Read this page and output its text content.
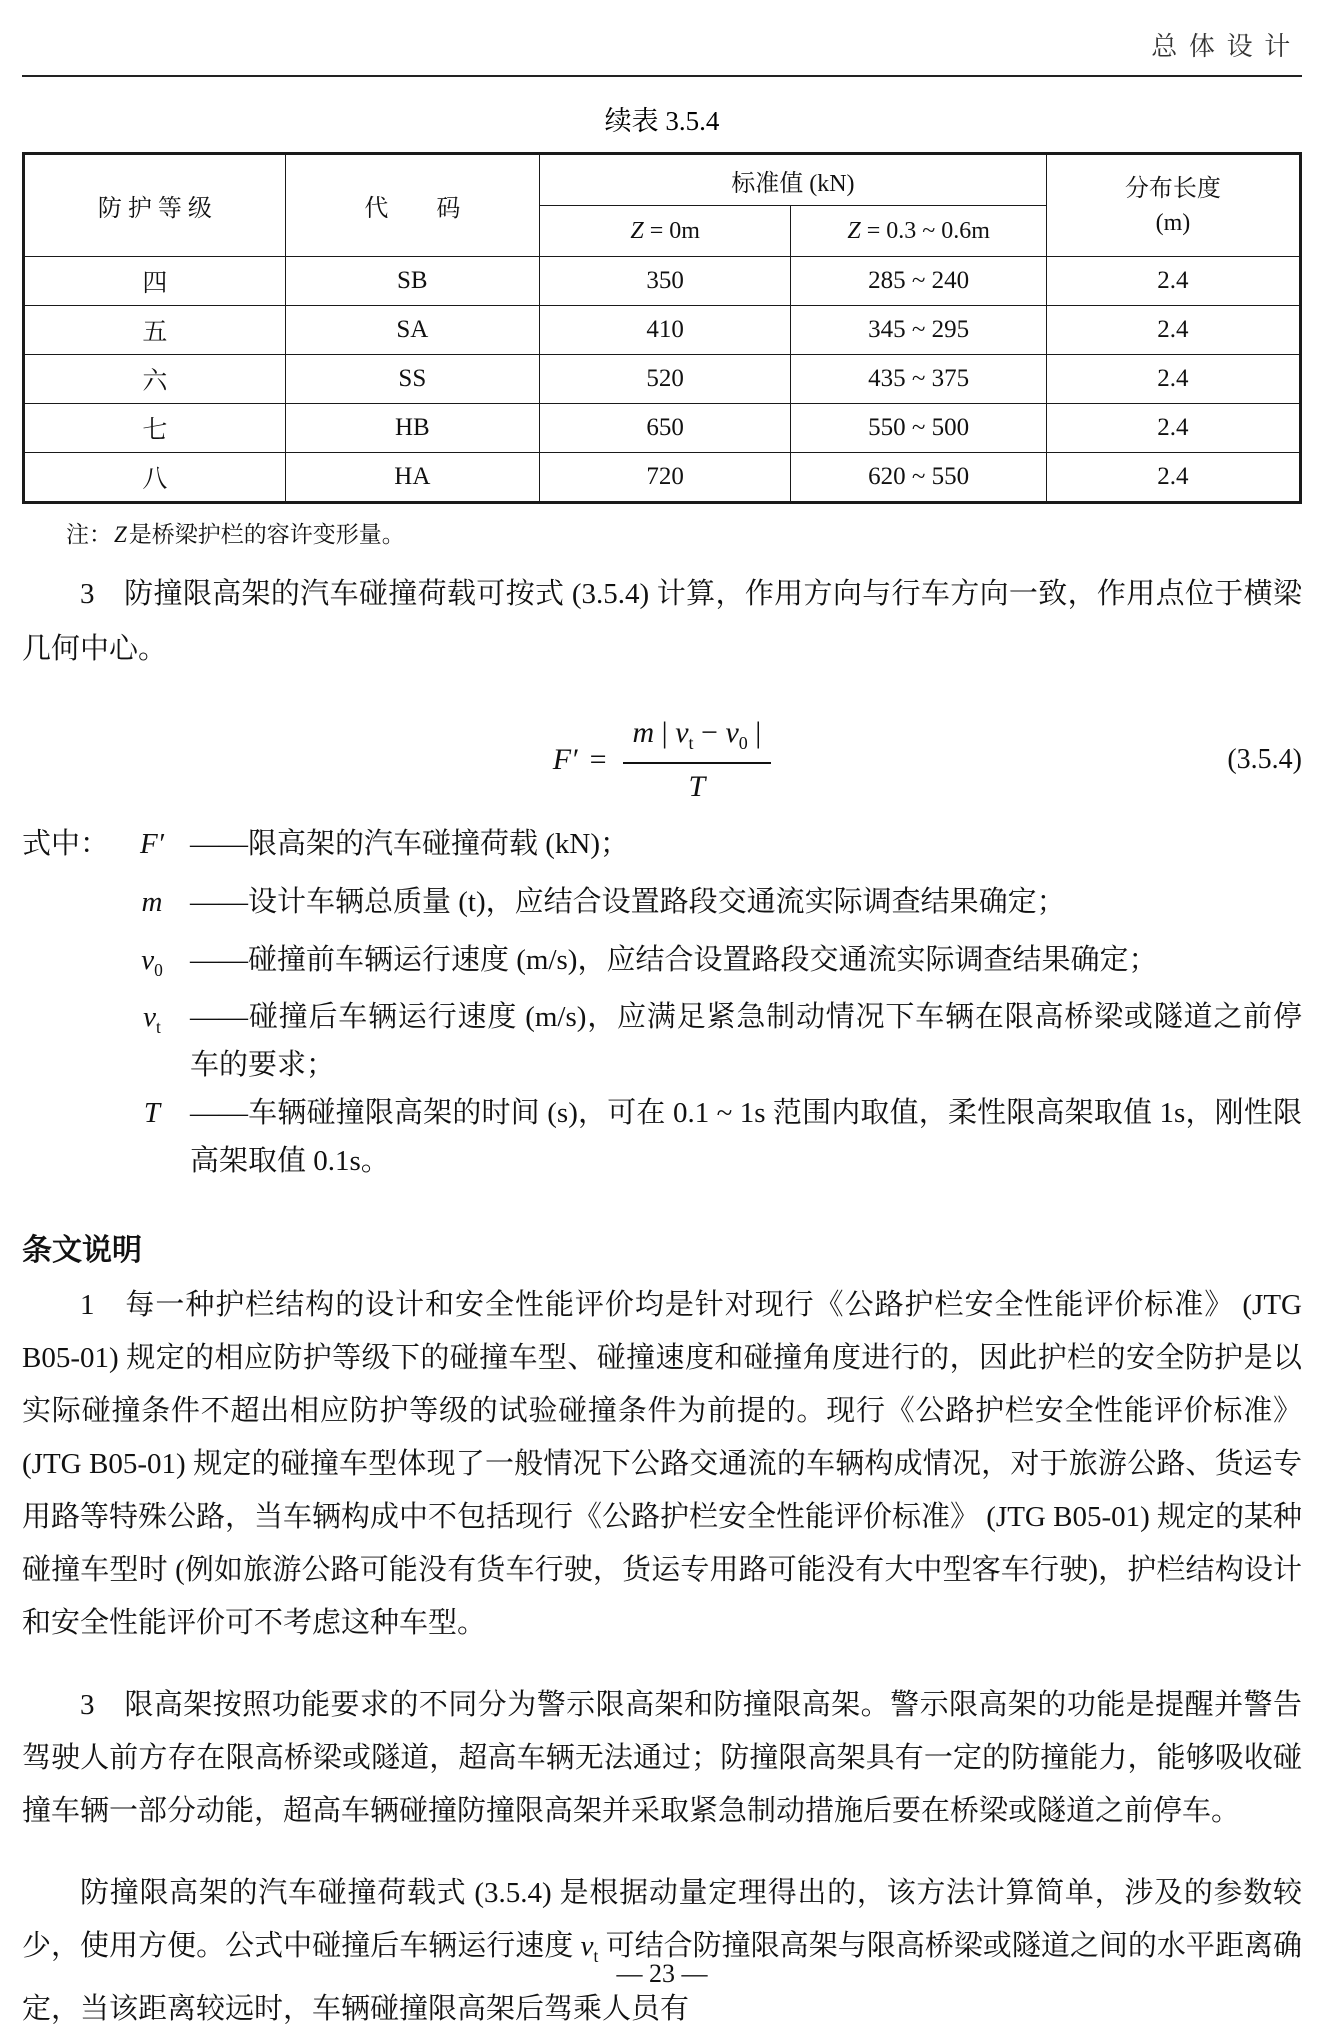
总体设计
续表 3.5.4
防 护 等 级	代　　码	标准值 (kN)		分布长度
(m)

		Z = 0m	Z = 0.3 ~ 0.6m	
四	SB	350	285 ~ 240	2.4
五	SA	410	345 ~ 295	2.4
六	SS	520	435 ~ 375	2.4
七	HB	650	550 ~ 500	2.4
八	HA	720	620 ~ 550	2.4
注：Z是桥梁护栏的容许变形量。

3　防撞限高架的汽车碰撞荷载可按式 (3.5.4) 计算，作用方向与行车方向一致，作用点位于横梁几何中心。

$F' = \frac{m | v_t - v_0 |}{T}$	(3.5.4)
式中：	F′ ——限高架的汽车碰撞荷载 (kN)；
m ——设计车辆总质量 (t)，应结合设置路段交通流实际调查结果确定；
$v_0$ ——碰撞前车辆运行速度 (m/s)，应结合设置路段交通流实际调查结果确定；
$v_t$	——碰撞后车辆运行速度 (m/s)，应满足紧急制动情况下车辆在限高桥梁或隧道之前停车的要求；
T	——车辆碰撞限高架的时间 (s)，可在 0.1 ~ 1s 范围内取值，柔性限高架取值 1s，刚性限高架取值 0.1s。
条文说明

1　每一种护栏结构的设计和安全性能评价均是针对现行《公路护栏安全性能评价标准》 (JTG B05-01) 规定的相应防护等级下的碰撞车型、碰撞速度和碰撞角度进行的，因此护栏的安全防护是以实际碰撞条件不超出相应防护等级的试验碰撞条件为前提的。现行《公路护栏安全性能评价标准》 (JTG B05-01) 规定的碰撞车型体现了一般情况下公路交通流的车辆构成情况，对于旅游公路、货运专用路等特殊公路，当车辆构成中不包括现行《公路护栏安全性能评价标准》 (JTG B05-01) 规定的某种碰撞车型时 (例如旅游公路可能没有货车行驶，货运专用路可能没有大中型客车行驶)，护栏结构设计和安全性能评价可不考虑这种车型。

3　限高架按照功能要求的不同分为警示限高架和防撞限高架。警示限高架的功能是提醒并警告驾驶人前方存在限高桥梁或隧道，超高车辆无法通过；防撞限高架具有一定的防撞能力，能够吸收碰撞车辆一部分动能，超高车辆碰撞防撞限高架并采取紧急制动措施后要在桥梁或隧道之前停车。

防撞限高架的汽车碰撞荷载式 (3.5.4) 是根据动量定理得出的，该方法计算简单，涉及的参数较少，使用方便。公式中碰撞后车辆运行速度 $v_t$ 可结合防撞限高架与限高桥梁或隧道之间的水平距离确定，当该距离较远时，车辆碰撞限高架后驾乘人员有

— 23 —
